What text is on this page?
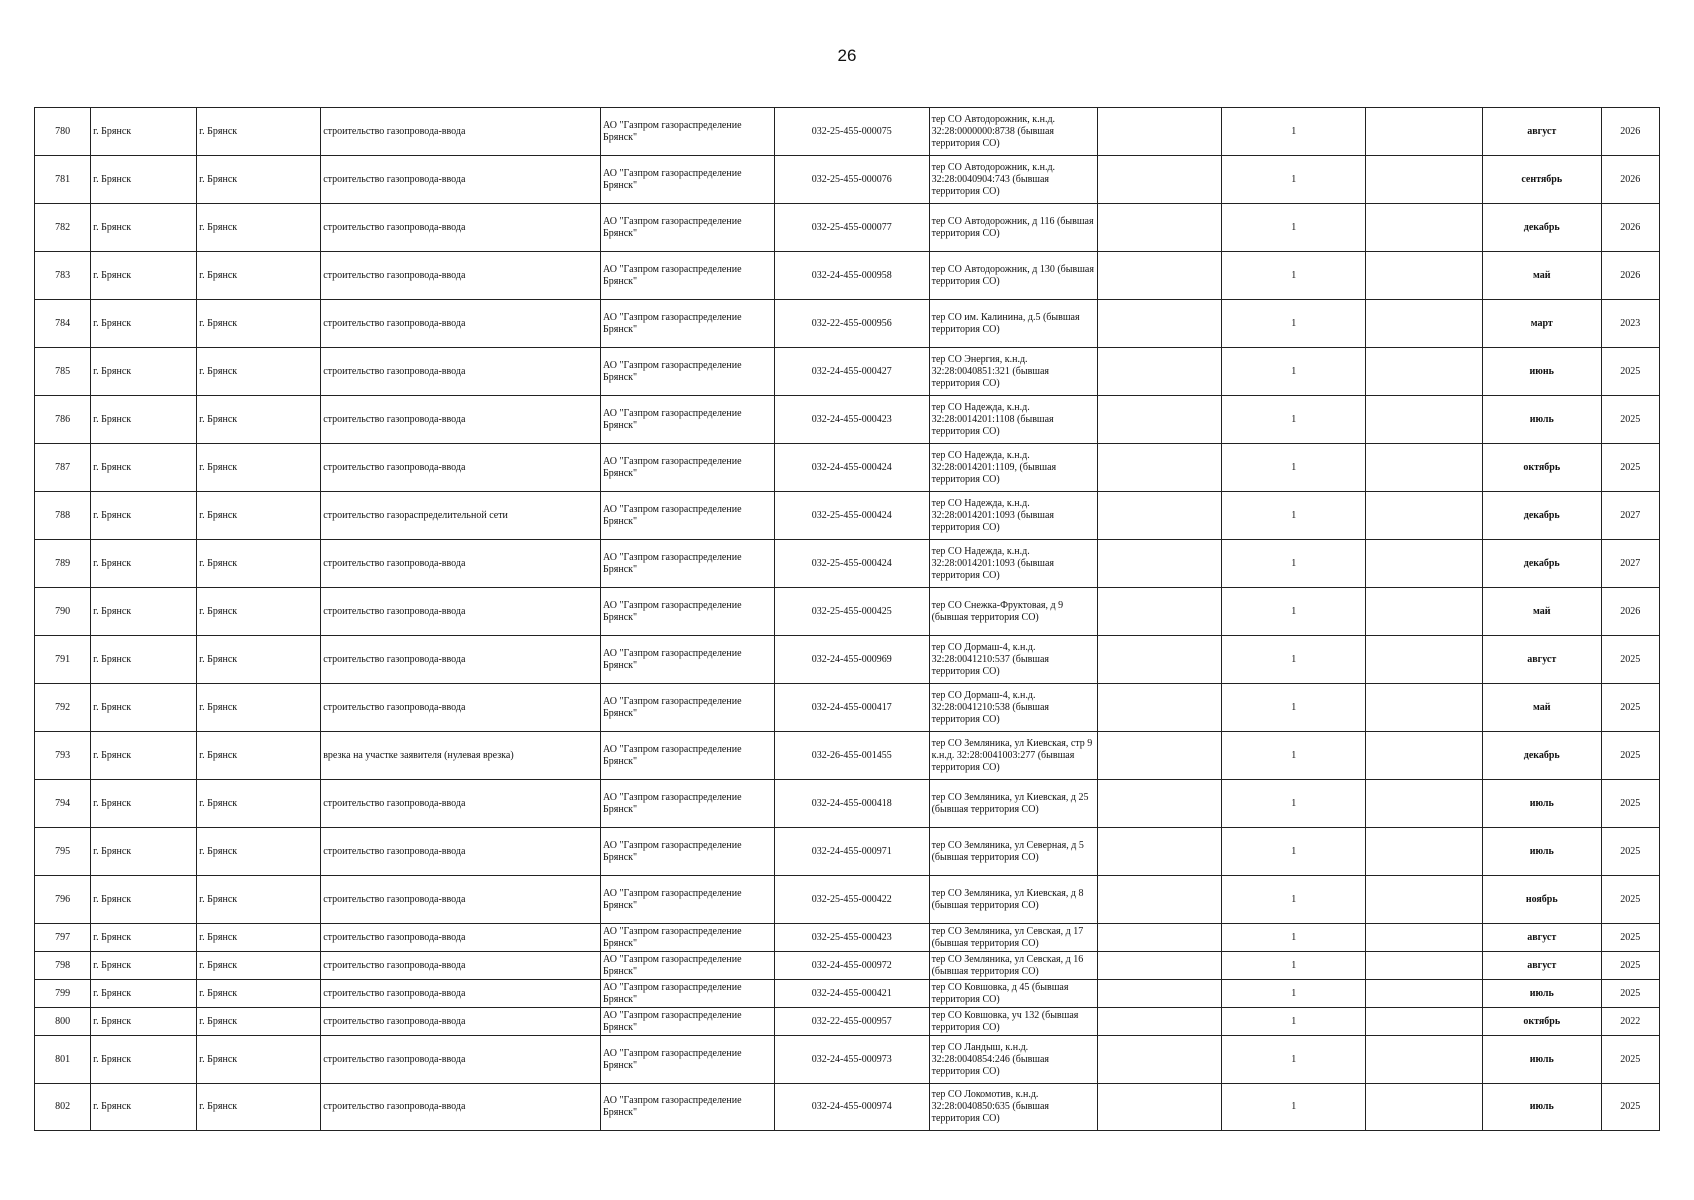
26
780	г. Брянск	г. Брянск	строительство газопровода-ввода	АО "Газпром газораспределение Брянск"	032-25-455-000075	тер СО Автодорожник, к.н.д. 32:28:0000000:8738 (бывшая территория СО)		1		август	2026
781	г. Брянск	г. Брянск	строительство газопровода-ввода	АО "Газпром газораспределение Брянск"	032-25-455-000076	тер СО Автодорожник, к.н.д. 32:28:0040904:743 (бывшая территория СО)		1		сентябрь	2026
782	г. Брянск	г. Брянск	строительство газопровода-ввода	АО "Газпром газораспределение Брянск"	032-25-455-000077	тер СО Автодорожник, д 116 (бывшая территория СО)		1		декабрь	2026
783	г. Брянск	г. Брянск	строительство газопровода-ввода	АО "Газпром газораспределение Брянск"	032-24-455-000958	тер СО Автодорожник, д 130 (бывшая территория СО)		1		май	2026
784	г. Брянск	г. Брянск	строительство газопровода-ввода	АО "Газпром газораспределение Брянск"	032-22-455-000956	тер СО им. Калинина, д.5 (бывшая территория СО)		1		март	2023
785	г. Брянск	г. Брянск	строительство газопровода-ввода	АО "Газпром газораспределение Брянск"	032-24-455-000427	тер СО Энергия, к.н.д. 32:28:0040851:321 (бывшая территория СО)		1		июнь	2025
786	г. Брянск	г. Брянск	строительство газопровода-ввода	АО "Газпром газораспределение Брянск"	032-24-455-000423	тер СО Надежда, к.н.д. 32:28:0014201:1108 (бывшая территория СО)		1		июль	2025
787	г. Брянск	г. Брянск	строительство газопровода-ввода	АО "Газпром газораспределение Брянск"	032-24-455-000424	тер СО Надежда, к.н.д. 32:28:0014201:1109, (бывшая территория СО)		1		октябрь	2025
788	г. Брянск	г. Брянск	строительство газораспределительной сети	АО "Газпром газораспределение Брянск"	032-25-455-000424	тер СО Надежда, к.н.д. 32:28:0014201:1093 (бывшая территория СО)		1		декабрь	2027
789	г. Брянск	г. Брянск	строительство газопровода-ввода	АО "Газпром газораспределение Брянск"	032-25-455-000424	тер СО Надежда, к.н.д. 32:28:0014201:1093 (бывшая территория СО)		1		декабрь	2027
790	г. Брянск	г. Брянск	строительство газопровода-ввода	АО "Газпром газораспределение Брянск"	032-25-455-000425	тер СО Снежка-Фруктовая, д 9 (бывшая территория СО)		1		май	2026
791	г. Брянск	г. Брянск	строительство газопровода-ввода	АО "Газпром газораспределение Брянск"	032-24-455-000969	тер СО Дормаш-4, к.н.д. 32:28:0041210:537 (бывшая территория СО)		1		август	2025
792	г. Брянск	г. Брянск	строительство газопровода-ввода	АО "Газпром газораспределение Брянск"	032-24-455-000417	тер СО Дормаш-4, к.н.д. 32:28:0041210:538 (бывшая территория СО)		1		май	2025
793	г. Брянск	г. Брянск	врезка на участке заявителя (нулевая врезка)	АО "Газпром газораспределение Брянск"	032-26-455-001455	тер СО Земляника, ул Киевская, стр 9 к.н.д. 32:28:0041003:277 (бывшая территория СО)		1		декабрь	2025
794	г. Брянск	г. Брянск	строительство газопровода-ввода	АО "Газпром газораспределение Брянск"	032-24-455-000418	тер СО Земляника, ул Киевская, д 25 (бывшая территория СО)		1		июль	2025
795	г. Брянск	г. Брянск	строительство газопровода-ввода	АО "Газпром газораспределение Брянск"	032-24-455-000971	тер СО Земляника, ул Северная, д 5 (бывшая территория СО)		1		июль	2025
796	г. Брянск	г. Брянск	строительство газопровода-ввода	АО "Газпром газораспределение Брянск"	032-25-455-000422	тер СО Земляника, ул Киевская, д 8 (бывшая территория СО)		1		ноябрь	2025
797	г. Брянск	г. Брянск	строительство газопровода-ввода	АО "Газпром газораспределение Брянск"	032-25-455-000423	тер СО Земляника, ул Севская, д 17 (бывшая территория СО)		1		август	2025
798	г. Брянск	г. Брянск	строительство газопровода-ввода	АО "Газпром газораспределение Брянск"	032-24-455-000972	тер СО Земляника, ул Севская, д 16 (бывшая территория СО)		1		август	2025
799	г. Брянск	г. Брянск	строительство газопровода-ввода	АО "Газпром газораспределение Брянск"	032-24-455-000421	тер СО Ковшовка, д 45 (бывшая территория СО)		1		июль	2025
800	г. Брянск	г. Брянск	строительство газопровода-ввода	АО "Газпром газораспределение Брянск"	032-22-455-000957	тер СО Ковшовка, уч 132 (бывшая территория СО)		1		октябрь	2022
801	г. Брянск	г. Брянск	строительство газопровода-ввода	АО "Газпром газораспределение Брянск"	032-24-455-000973	тер СО Ландыш, к.н.д. 32:28:0040854:246 (бывшая территория СО)		1		июль	2025
802	г. Брянск	г. Брянск	строительство газопровода-ввода	АО "Газпром газораспределение Брянск"	032-24-455-000974	тер СО Локомотив, к.н.д. 32:28:0040850:635 (бывшая территория СО)		1		июль	2025
